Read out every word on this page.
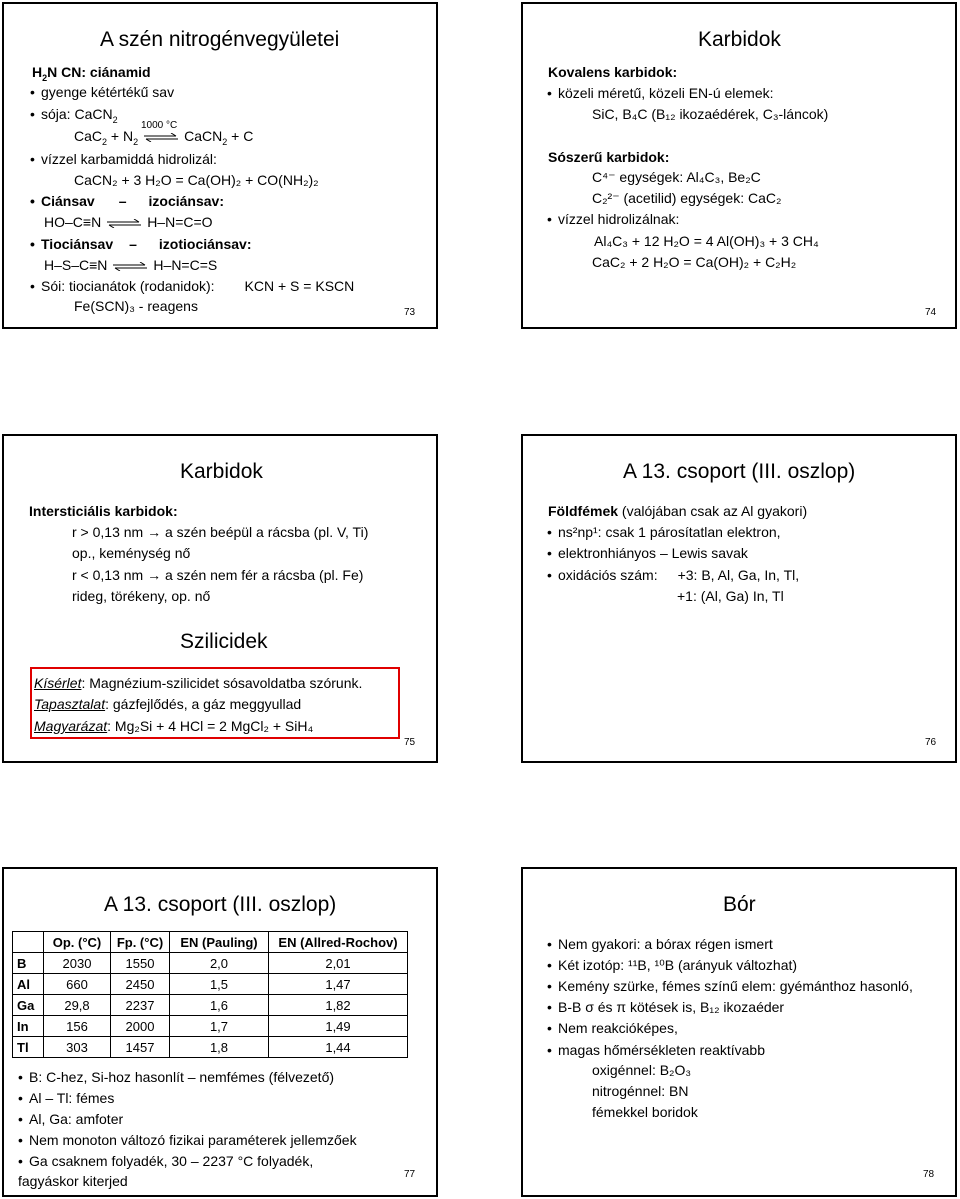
A szén nitrogénvegyületei
$H_2N$ CN: ciánamid
• gyenge kétértékű sav
• sója: CaCN$_2$
1000 °C
$CaC_2 + N_2$	CaCN$_2$ + C
• vízzel karbamiddá hidrolizál:
CaCN₂ + 3 H₂O = Ca(OH)₂ + CO(NH₂)₂
• Ciánsav – izociánsav:
HO–C≡N	H–N=C=O
• Tiociánsav – izotiociánsav:
H–S–C≡N	H–N=C=S
• Sói: tiocianátok (rodanidok): KCN + S = KSCN
Fe(SCN)₃ - reagens	73
Karbidok
Kovalens karbidok:
• közeli méretű, közeli EN-ú elemek:
SiC, B₄C (B₁₂ ikozaédérek, C₃-láncok)
Sószerű karbidok:
C⁴⁻ egységek: Al₄C₃, Be₂C
C₂²⁻ (acetilid) egységek: CaC₂
• vízzel hidrolizálnak:
Al₄C₃ + 12 H₂O = 4 Al(OH)₃ + 3 CH₄
CaC₂ + 2 H₂O = Ca(OH)₂ + C₂H₂
74
Karbidok
Intersticiális karbidok:
r > 0,13 nm → a szén beépül a rácsba (pl. V, Ti)
op., keménység nő
r < 0,13 nm → a szén nem fér a rácsba (pl. Fe)
rideg, törékeny, op. nő
Szilicidek
Kísérlet: Magnézium-szilicidet sósavoldatba szórunk.
Tapasztalat: gázfejlődés, a gáz meggyullad
Magyarázat: Mg₂Si + 4 HCl = 2 MgCl₂ + SiH₄
75
A 13. csoport (III. oszlop)
Földfémek (valójában csak az Al gyakori)
• ns²np¹: csak 1 párosítatlan elektron,
• elektronhiányos – Lewis savak
• oxidációs szám: +3: B, Al, Ga, In, Tl,
+1: (Al, Ga) In, Tl
76
A 13. csoport (III. oszlop)
	Op. (°C)	Fp. (°C)	EN (Pauling)	EN (Allred-Rochov)
B	2030	1550	2,0	2,01
Al	660	2450	1,5	1,47
Ga	29,8	2237	1,6	1,82
In	156	2000	1,7	1,49
Tl	303	1457	1,8	1,44
• B: C-hez, Si-hoz hasonlít – nemfémes (félvezető)
• Al – Tl: fémes
• Al, Ga: amfoter
• Nem monoton változó fizikai paraméterek jellemzőek
• Ga csaknem folyadék, 30 – 2237 °C folyadék,
fagyáskor kiterjed	77
Bór
• Nem gyakori: a bórax régen ismert
• Két izotóp: ¹¹B, ¹⁰B (arányuk változhat)
• Kemény szürke, fémes színű elem: gyémánthoz hasonló,
• B-B σ és π kötések is, B₁₂ ikozaéder
• Nem reakcióképes,
• magas hőmérsékleten reaktívabb
oxigénnel: B₂O₃
nitrogénnel: BN
fémekkel boridok
78
